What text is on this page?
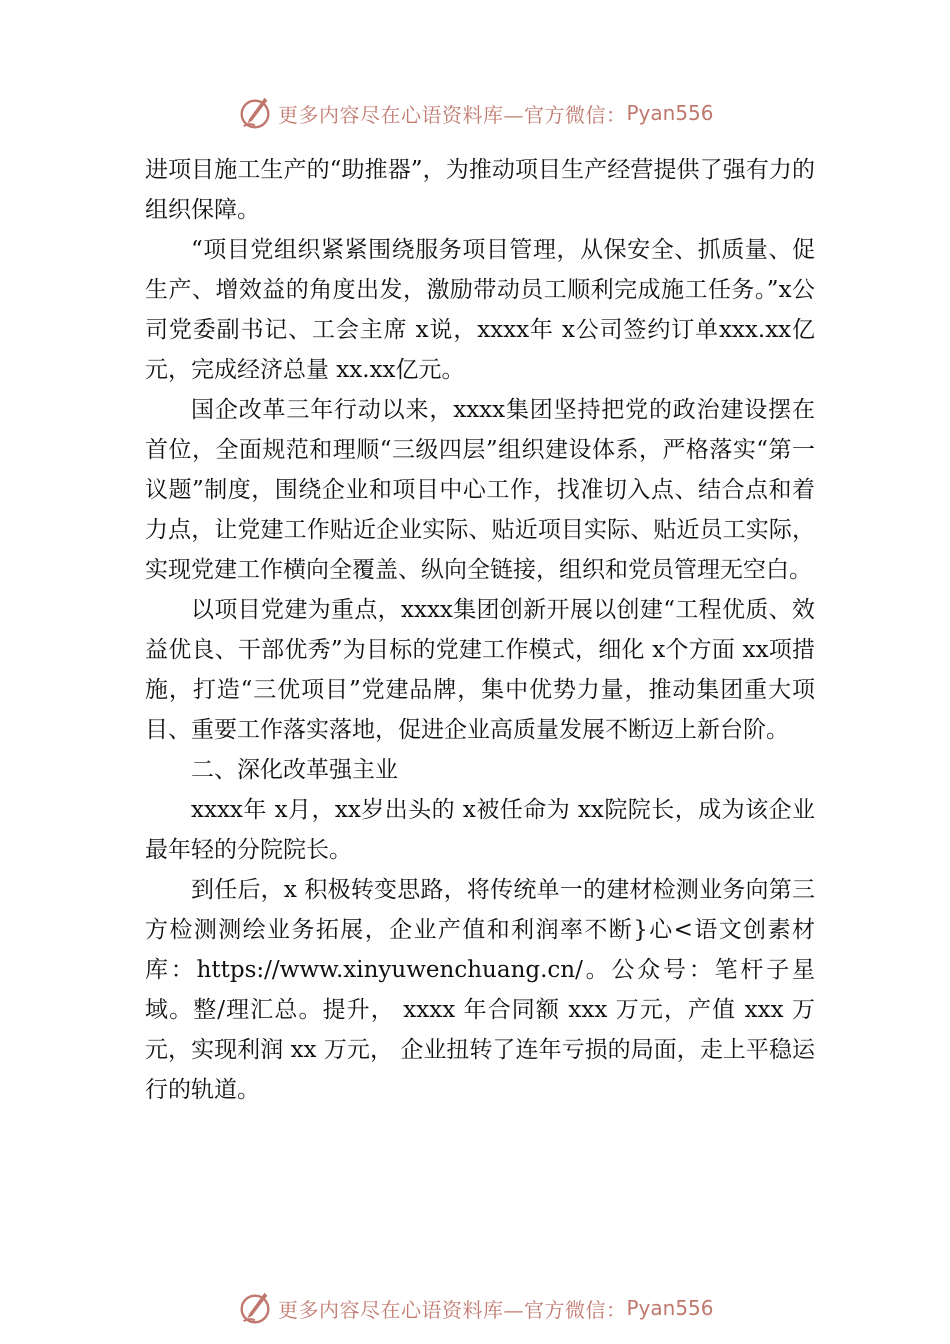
更多内容尽在心语资料库—官方微信： Pyan556

进项目施工生产的“助推器”，为推动项目生产经营提供了强有力的组织保障。

“项目党组织紧紧围绕服务项目管理，从保安全、抓质量、促生产、增效益的角度出发，激励带动员工顺利完成施工任务。”x公司党委副书记、工会主席 x说，xxxx年 x公司签约订单xxx.xx亿元，完成经济总量 xx.xx亿元。

国企改革三年行动以来，xxxx集团坚持把党的政治建设摆在首位，全面规范和理顺“三级四层”组织建设体系，严格落实“第一议题”制度，围绕企业和项目中心工作，找准切入点、结合点和着力点，让党建工作贴近企业实际、贴近项目实际、贴近员工实际，实现党建工作横向全覆盖、纵向全链接，组织和党员管理无空白。

以项目党建为重点，xxxx集团创新开展以创建“工程优质、效益优良、干部优秀”为目标的党建工作模式，细化 x个方面 xx项措施，打造“三优项目”党建品牌，集中优势力量，推动集团重大项目、重要工作落实落地，促进企业高质量发展不断迈上新台阶。

二、深化改革强主业

xxxx年 x月，xx岁出头的 x被任命为 xx院院长，成为该企业最年轻的分院院长。

到任后，x 积极转变思路，将传统单一的建材检测业务向第三方检测测绘业务拓展，企业产值和利润率不断}心<语文创素材库：https://www.xinyuwenchuang.cn/。公众号：笔杆子星域。整/理汇总。提升， xxxx 年合同额 xxx 万元，产值 xxx 万元，实现利润 xx 万元， 企业扭转了连年亏损的局面，走上平稳运行的轨道。

更多内容尽在心语资料库—官方微信： Pyan556
